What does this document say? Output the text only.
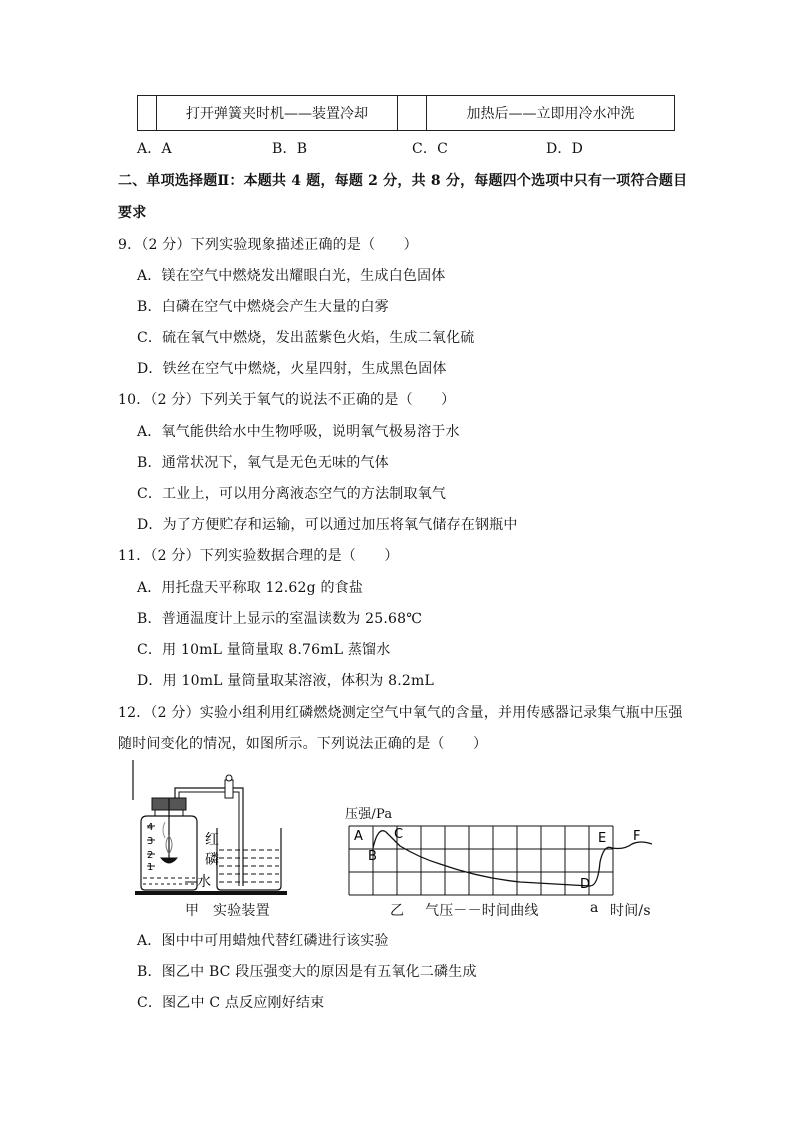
	打开弹簧夹时机——装置冷却		加热后——立即用冷水冲洗
A．A	B．B	C．C	D．D
二、单项选择题Ⅱ：本题共 4 题，每题 2 分，共 8 分，每题四个选项中只有一项符合题目
要求
9．（2 分）下列实验现象描述正确的是（　　）
A．镁在空气中燃烧发出耀眼白光，生成白色固体
B．白磷在空气中燃烧会产生大量的白雾
C．硫在氧气中燃烧，发出蓝紫色火焰，生成二氧化硫
D．铁丝在空气中燃烧，火星四射，生成黑色固体
10．（2 分）下列关于氧气的说法不正确的是（　　）
A．氧气能供给水中生物呼吸，说明氧气极易溶于水
B．通常状况下，氧气是无色无味的气体
C．工业上，可以用分离液态空气的方法制取氧气
D．为了方便贮存和运输，可以通过加压将氧气储存在钢瓶中
11．（2 分）下列实验数据合理的是（　　）
A．用托盘天平称取 12.62g 的食盐
B．普通温度计上显示的室温读数为 25.68℃
C．用 10mL 量筒量取 8.76mL 蒸馏水
D．用 10mL 量筒量取某溶液，体积为 8.2mL
12．（2 分）实验小组利用红磷燃烧测定空气中氧气的含量，并用传感器记录集气瓶中压强
随时间变化的情况，如图所示。下列说法正确的是（　　）
4
3
2
1
红
磷
水
甲 实验装置
压强/Pa
A
B
C
D
E F
乙 气压－－时间曲线	a 时间/s
A．图中中可用蜡烛代替红磷进行该实验
B．图乙中 BC 段压强变大的原因是有五氧化二磷生成
C．图乙中 C 点反应刚好结束
